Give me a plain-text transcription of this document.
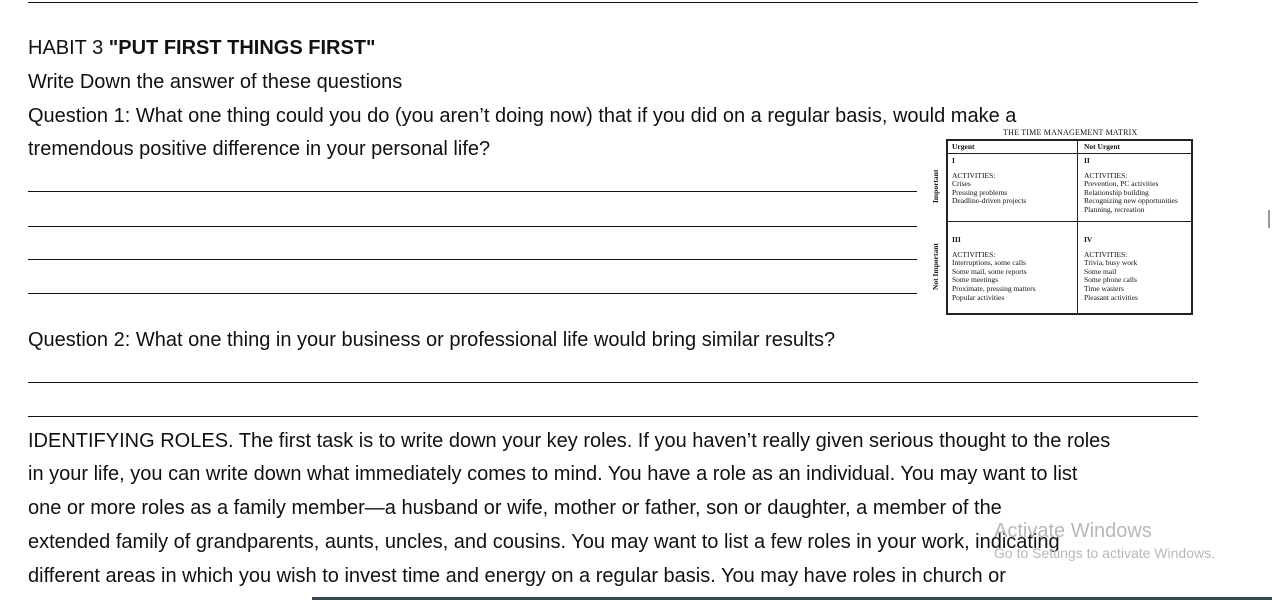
HABIT 3 "PUT FIRST THINGS FIRST"
Write Down the answer of these questions
Question 1: What one thing could you do (you aren’t doing now) that if you did on a regular basis, would make a
tremendous positive difference in your personal life?
THE TIME MANAGEMENT MATRIX
Important
Not Important
Urgent	Not Urgent
I
ACTIVITIES:
Crises
Pressing problems
Deadline-driven projects
II
ACTIVITIES:
Prevention, PC activities
Relationship building
Recognizing new opportunities
Planning, recreation
III
ACTIVITIES:
Interruptions, some calls
Some mail, some reports
Some meetings
Proximate, pressing matters
Popular activities
IV
ACTIVITIES:
Trivia, busy work
Some mail
Some phone calls
Time wasters
Pleasant activities
Question 2: What one thing in your business or professional life would bring similar results?
IDENTIFYING ROLES. The first task is to write down your key roles. If you haven’t really given serious thought to the roles
in your life, you can write down what immediately comes to mind. You have a role as an individual. You may want to list
one or more roles as a family member—a husband or wife, mother or father, son or daughter, a member of the
extended family of grandparents, aunts, uncles, and cousins. You may want to list a few roles in your work, indicating
different areas in which you wish to invest time and energy on a regular basis. You may have roles in church or
Activate Windows
Go to Settings to activate Windows.
